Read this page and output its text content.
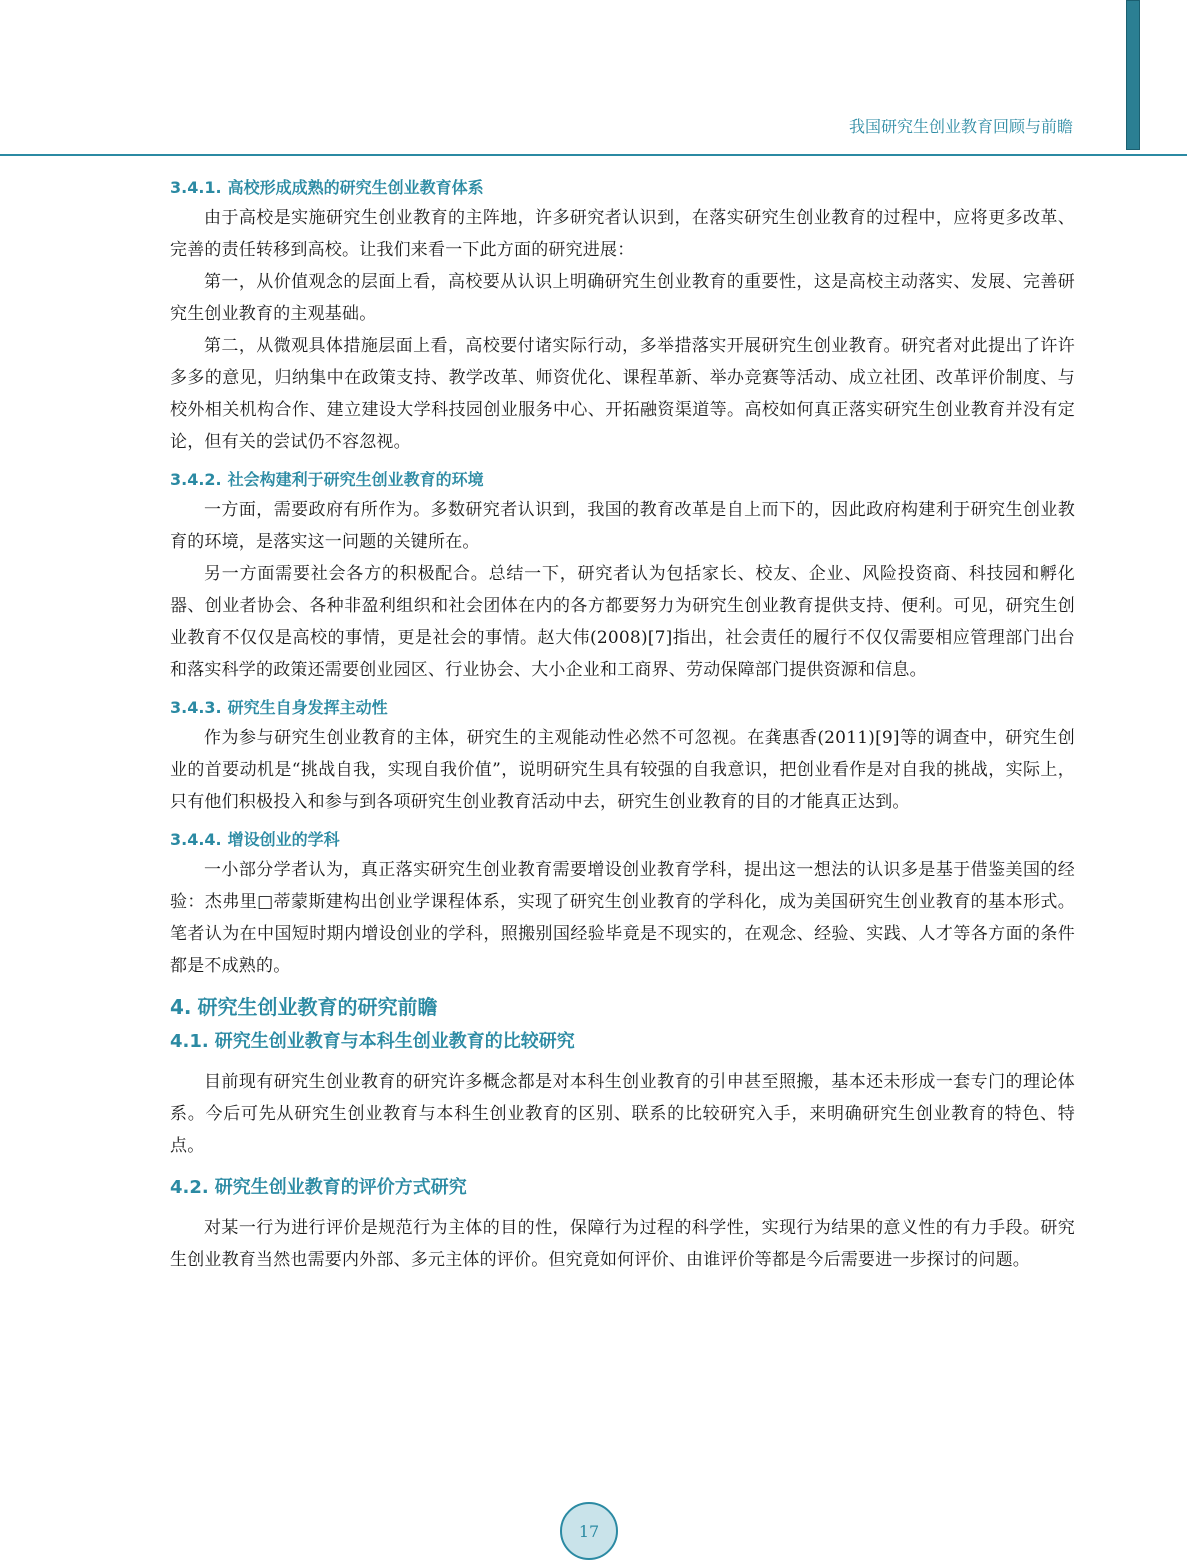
我国研究生创业教育回顾与前瞻
3.4.1. 高校形成成熟的研究生创业教育体系

由于高校是实施研究生创业教育的主阵地，许多研究者认识到，在落实研究生创业教育的过程中，应将更多改革、完善的责任转移到高校。让我们来看一下此方面的研究进展：

第一，从价值观念的层面上看，高校要从认识上明确研究生创业教育的重要性，这是高校主动落实、发展、完善研究生创业教育的主观基础。

第二，从微观具体措施层面上看，高校要付诸实际行动，多举措落实开展研究生创业教育。研究者对此提出了许许多多的意见，归纳集中在政策支持、教学改革、师资优化、课程革新、举办竞赛等活动、成立社团、改革评价制度、与校外相关机构合作、建立建设大学科技园创业服务中心、开拓融资渠道等。高校如何真正落实研究生创业教育并没有定论，但有关的尝试仍不容忽视。

3.4.2. 社会构建利于研究生创业教育的环境

一方面，需要政府有所作为。多数研究者认识到，我国的教育改革是自上而下的，因此政府构建利于研究生创业教育的环境，是落实这一问题的关键所在。

另一方面需要社会各方的积极配合。总结一下，研究者认为包括家长、校友、企业、风险投资商、科技园和孵化器、创业者协会、各种非盈利组织和社会团体在内的各方都要努力为研究生创业教育提供支持、便利。可见，研究生创业教育不仅仅是高校的事情，更是社会的事情。赵大伟(2008)[7]指出，社会责任的履行不仅仅需要相应管理部门出台和落实科学的政策还需要创业园区、行业协会、大小企业和工商界、劳动保障部门提供资源和信息。

3.4.3. 研究生自身发挥主动性

作为参与研究生创业教育的主体，研究生的主观能动性必然不可忽视。在龚惠香(2011)[9]等的调查中，研究生创业的首要动机是“挑战自我，实现自我价值”，说明研究生具有较强的自我意识，把创业看作是对自我的挑战，实际上，只有他们积极投入和参与到各项研究生创业教育活动中去，研究生创业教育的目的才能真正达到。

3.4.4. 增设创业的学科

一小部分学者认为，真正落实研究生创业教育需要增设创业教育学科，提出这一想法的认识多是基于借鉴美国的经验：杰弗里□蒂蒙斯建构出创业学课程体系，实现了研究生创业教育的学科化，成为美国研究生创业教育的基本形式。笔者认为在中国短时期内增设创业的学科，照搬别国经验毕竟是不现实的，在观念、经验、实践、人才等各方面的条件都是不成熟的。

4. 研究生创业教育的研究前瞻
4.1. 研究生创业教育与本科生创业教育的比较研究

目前现有研究生创业教育的研究许多概念都是对本科生创业教育的引申甚至照搬，基本还未形成一套专门的理论体系。今后可先从研究生创业教育与本科生创业教育的区别、联系的比较研究入手，来明确研究生创业教育的特色、特点。

4.2. 研究生创业教育的评价方式研究

对某一行为进行评价是规范行为主体的目的性，保障行为过程的科学性，实现行为结果的意义性的有力手段。研究生创业教育当然也需要内外部、多元主体的评价。但究竟如何评价、由谁评价等都是今后需要进一步探讨的问题。

17
